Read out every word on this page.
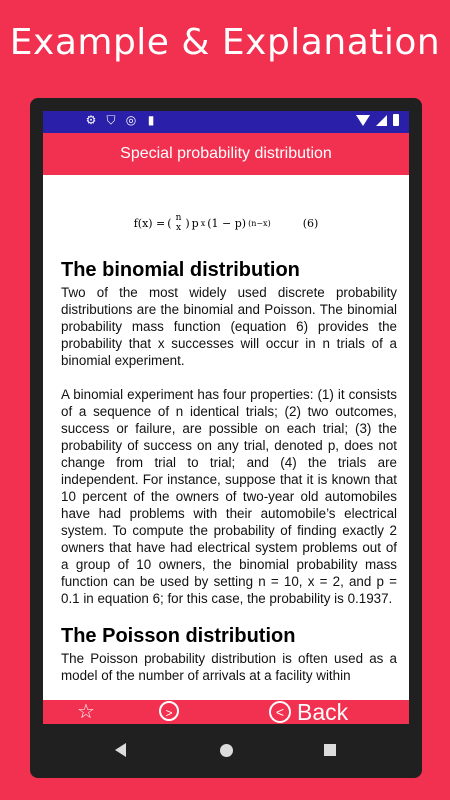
Example & Explanation
⚙ ⛉ ◎ ▮
Special probability distribution
f(x) = ( n
x ) p x (1 − p) (n−x)	(6)
The binomial distribution

Two of the most widely used discrete probability distributions are the binomial and Poisson. The binomial probability mass function (equation 6) provides the probability that x successes will occur in n trials of a binomial experiment.

A binomial experiment has four properties: (1) it consists of a sequence of n identical trials; (2) two outcomes, success or failure, are possible on each trial; (3) the probability of success on any trial, denoted p, does not change from trial to trial; and (4) the trials are independent. For instance, suppose that it is known that 10 percent of the owners of two-year old automobiles have had problems with their automobile’s electrical system. To compute the probability of finding exactly 2 owners that have had electrical system problems out of a group of 10 owners, the binomial probability mass function can be used by setting n = 10, x = 2, and p = 0.1 in equation 6; for this case, the probability is 0.1937.

The Poisson distribution

The Poisson probability distribution is often used as a model of the number of arrivals at a facility within

☆	>	< Back
